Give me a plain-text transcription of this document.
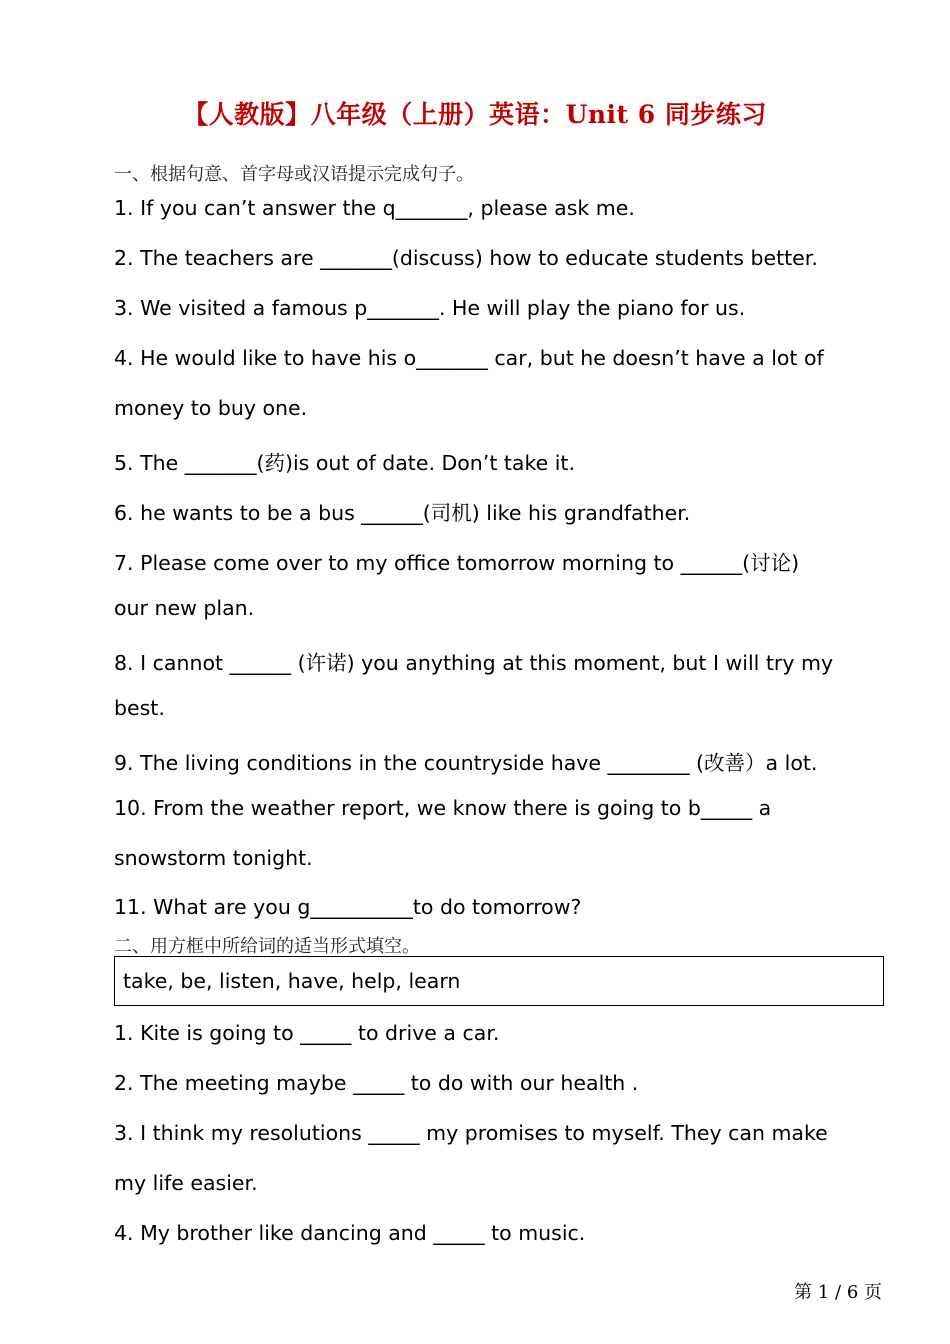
【人教版】八年级（上册）英语：Unit 6 同步练习
一、根据句意、首字母或汉语提示完成句子。
1. If you can’t answer the q_______, please ask me.
2. The teachers are _______(discuss) how to educate students better.
3. We visited a famous p_______. He will play the piano for us.
4. He would like to have his o_______ car, but he doesn’t have a lot of
money to buy one.
5. The _______(药)is out of date. Don’t take it.
6. he wants to be a bus ______(司机) like his grandfather.
7. Please come over to my office tomorrow morning to ______(讨论)
our new plan.
8. I cannot ______ (许诺) you anything at this moment, but I will try my
best.
9. The living conditions in the countryside have ________ (改善）a lot.
10. From the weather report, we know there is going to b_____ a
snowstorm tonight.
11. What are you g__________to do tomorrow?
二、用方框中所给词的适当形式填空。
take, be, listen, have, help, learn
1. Kite is going to _____ to drive a car.
2. The meeting maybe _____ to do with our health .
3. I think my resolutions _____ my promises to myself. They can make
my life easier.
4. My brother like dancing and _____ to music.
第 1 / 6 页
